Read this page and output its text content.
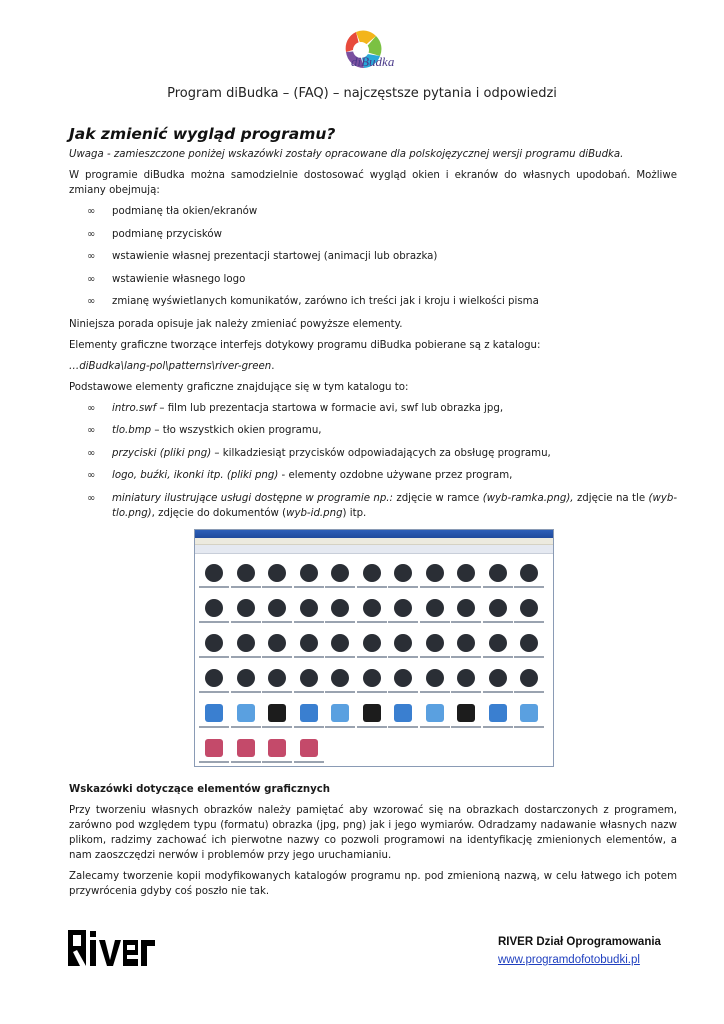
diBudka
Program diBudka – (FAQ) – najczęstsze pytania i odpowiedzi
Jak zmienić wygląd programu?

Uwaga - zamieszczone poniżej wskazówki zostały opracowane dla polskojęzycznej wersji programu diBudka.

W programie diBudka można samodzielnie dostosować wygląd okien i ekranów do własnych upodobań. Możliwe zmiany obejmują:

∞ podmianę tła okien/ekranów
∞ podmianę przycisków
∞ wstawienie własnej prezentacji startowej (animacji lub obrazka)
∞ wstawienie własnego logo
∞ zmianę wyświetlanych komunikatów, zarówno ich treści jak i kroju i wielkości pisma

Niniejsza porada opisuje jak należy zmieniać powyższe elementy.

Elementy graficzne tworzące interfejs dotykowy programu diBudka pobierane są z katalogu:

…diBudka\lang-pol\patterns\river-green.

Podstawowe elementy graficzne znajdujące się w tym katalogu to:

∞ intro.swf – film lub prezentacja startowa w formacie avi, swf lub obrazka jpg,
∞ tlo.bmp – tło wszystkich okien programu,
∞ przyciski (pliki png) – kilkadziesiąt przycisków odpowiadających za obsługę programu,
∞ logo, buźki, ikonki itp. (pliki png) - elementy ozdobne używane przez program,
∞ miniatury ilustrujące usługi dostępne w programie np.: zdjęcie w ramce (wyb-ramka.png), zdjęcie na tle (wyb-tlo.png), zdjęcie do dokumentów (wyb-id.png) itp.

Wskazówki dotyczące elementów graficznych

Przy tworzeniu własnych obrazków należy pamiętać aby wzorować się na obrazkach dostarczonych z programem, zarówno pod względem typu (formatu) obrazka (jpg, png) jak i jego wymiarów. Odradzamy nadawanie własnych nazw plikom, radzimy zachować ich pierwotne nazwy co pozwoli programowi na identyfikację zmienionych elementów, a nam zaoszczędzi nerwów i problemów przy jego uruchamianiu.

Zalecamy tworzenie kopii modyfikowanych katalogów programu np. pod zmienioną nazwą, w celu łatwego ich potem przywrócenia gdyby coś poszło nie tak.

RIVER Dział Oprogramowania
www.programdofotobudki.pl
